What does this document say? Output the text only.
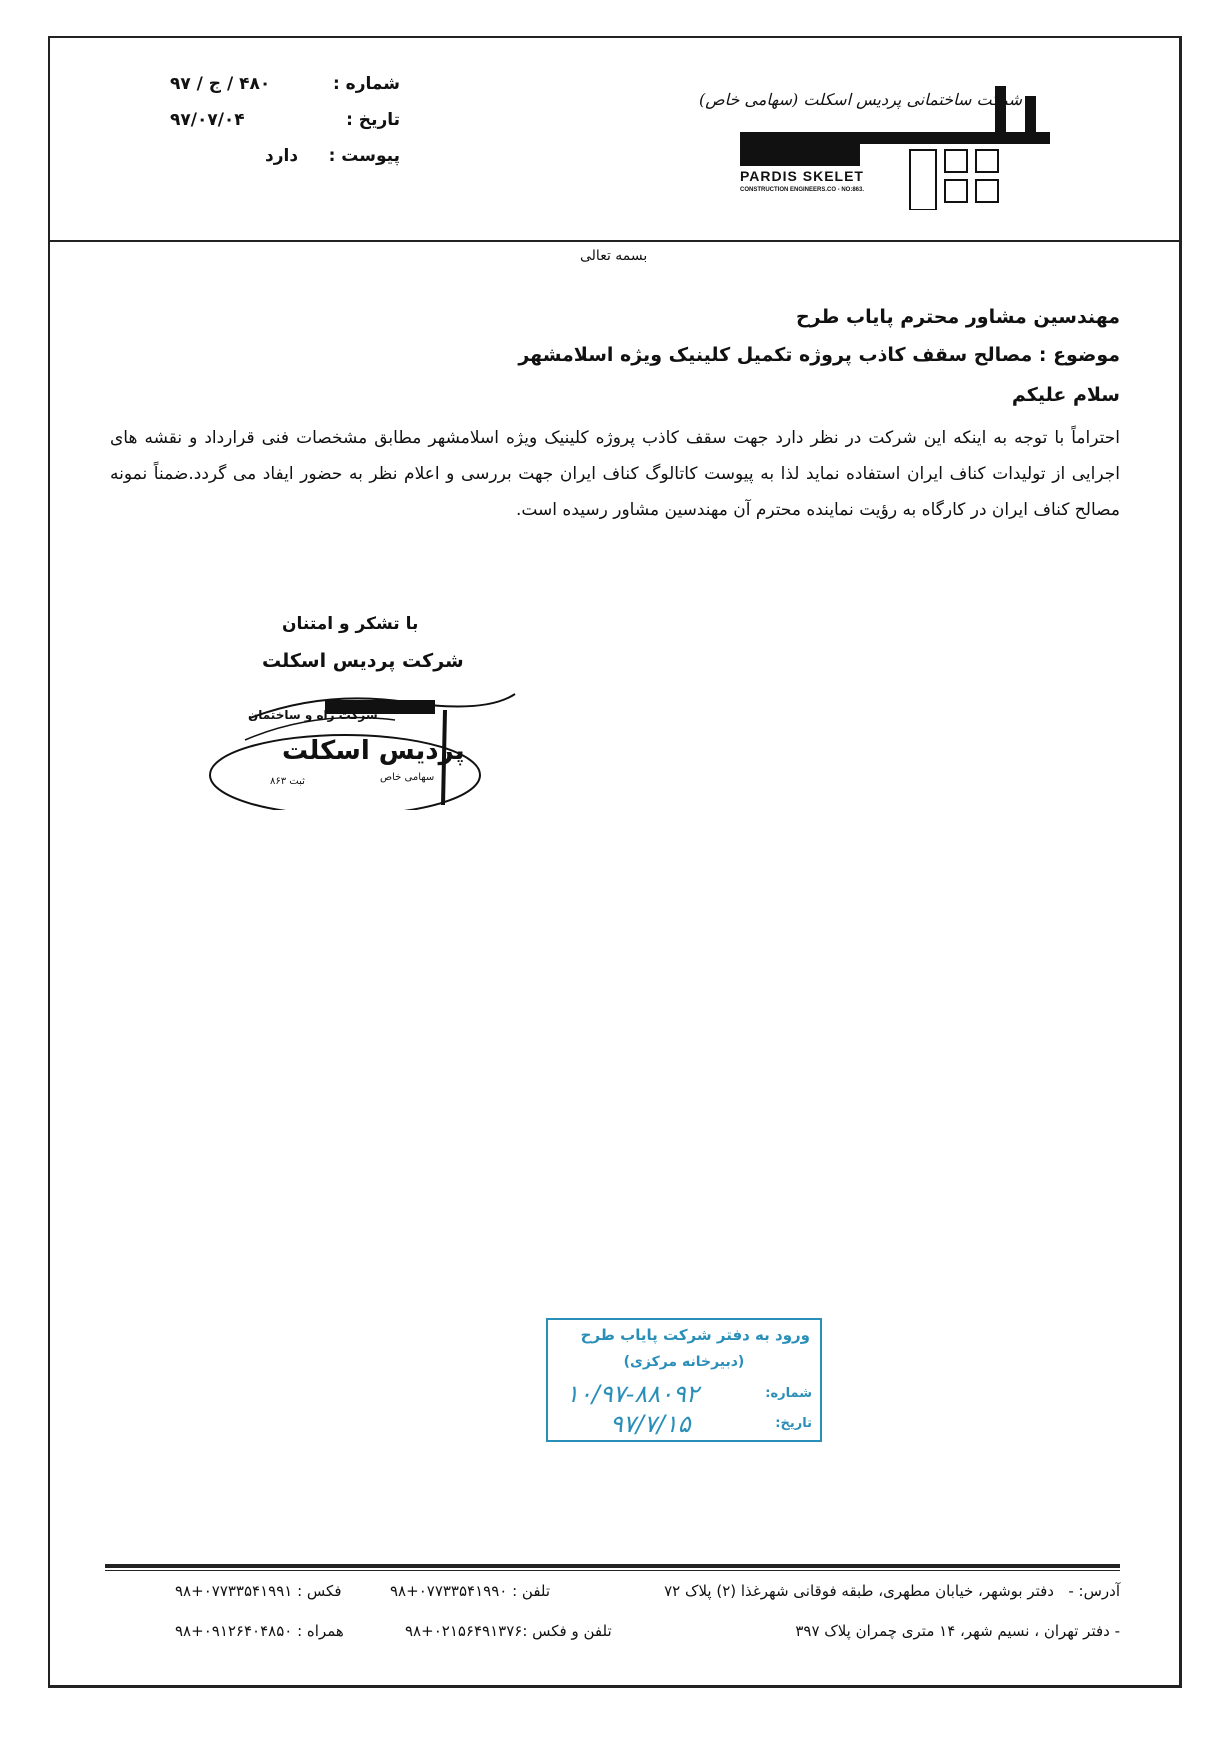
شماره :
۴۸۰ / ج / ۹۷
تاریخ :
۹۷/۰۷/۰۴
پیوست :
دارد
شرکت ساختمانی پردیس اسکلت (سهامی خاص)
PARDIS SKELET
CONSTRUCTION ENGINEERS.CO - NO:863.
بسمه تعالی
مهندسین مشاور محترم پایاب طرح
موضوع : مصالح سقف کاذب پروژه تکمیل کلینیک ویژه اسلامشهر
سلام علیکم
احتراماً با توجه به اینکه این شرکت در نظر دارد جهت سقف کاذب پروژه کلینیک ویژه اسلامشهر مطابق مشخصات فنی قرارداد و نقشه های اجرایی از تولیدات کناف ایران استفاده نماید لذا به پیوست کاتالوگ کناف ایران جهت بررسی و اعلام نظر به حضور ایفاد می گردد.ضمناً نمونه مصالح کناف ایران در کارگاه به رؤیت نماینده محترم آن مهندسین مشاور رسیده است.
با تشکر و امتنان
شرکت پردیس اسکلت
شرکت راه و ساختمان
پردیس اسکلت
سهامی خاص
ثبت ۸۶۳
ورود به دفتر شرکت پایاب طرح
(دبیرخانه مرکزی)
شماره:
۱۰/۹۷-۸۸۰۹۲
تاریخ:
۹۷/۷/۱۵
آدرس: -
دفتر بوشهر، خیابان مطهری، طبقه فوقانی شهرغذا (۲) پلاک ۷۲
تلفن : ۰۷۷۳۳۵۴۱۹۹۰+۹۸
فکس : ۰۷۷۳۳۵۴۱۹۹۱+۹۸
- دفتر تهران ، نسیم شهر، ۱۴ متری چمران پلاک ۳۹۷
تلفن و فکس :۰۲۱۵۶۴۹۱۳۷۶+۹۸
همراه : ۰۹۱۲۶۴۰۴۸۵۰+۹۸
